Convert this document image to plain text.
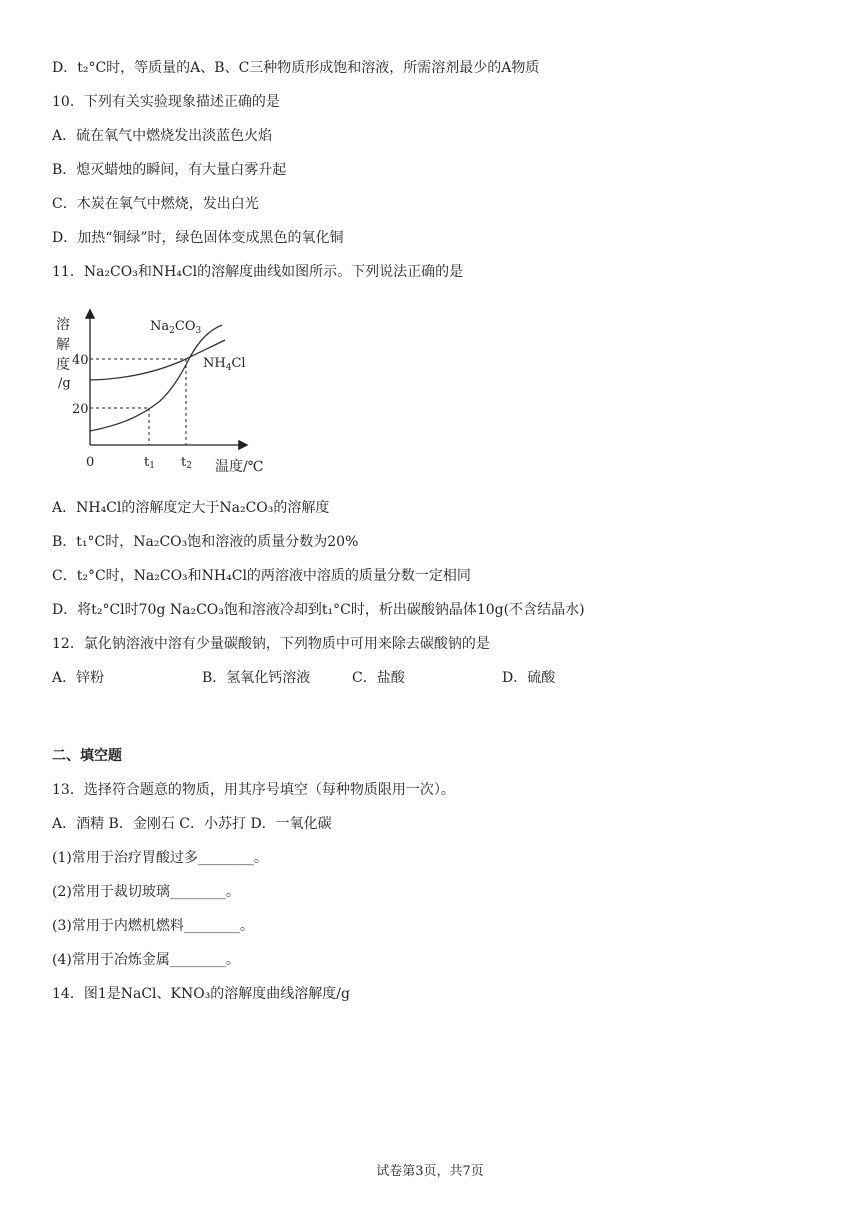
D．t₂°C时，等质量的A、B、C三种物质形成饱和溶液，所需溶剂最少的A物质
10．下列有关实验现象描述正确的是
A．硫在氧气中燃烧发出淡蓝色火焰
B．熄灭蜡烛的瞬间，有大量白雾升起
C．木炭在氧气中燃烧，发出白光
D．加热“铜绿”时，绿色固体变成黑色的氧化铜
11．Na₂CO₃和NH₄Cl的溶解度曲线如图所示。下列说法正确的是
溶
解
度
/g
40
20
0	t1 t2 温度/℃
$Na_2CO_3$
$NH_4Cl$
A．NH₄Cl的溶解度定大于Na₂CO₃的溶解度
B．t₁°C时，Na₂CO₃饱和溶液的质量分数为20%
C．t₂°C时，Na₂CO₃和NH₄Cl的两溶液中溶质的质量分数一定相同
D．将t₂°Cl时70g Na₂CO₃饱和溶液冷却到t₁°C时，析出碳酸钠晶体10g(不含结晶水)
12．氯化钠溶液中溶有少量碳酸钠，下列物质中可用来除去碳酸钠的是
A．锌粉	B．氢氧化钙溶液	C．盐酸	D．硫酸
二、填空题
13．选择符合题意的物质，用其序号填空（每种物质限用一次）。
A．酒精 B．金刚石 C．小苏打 D．一氧化碳
(1)常用于治疗胃酸过多________。
(2)常用于裁切玻璃________。
(3)常用于内燃机燃料________。
(4)常用于冶炼金属________。
14．图1是NaCl、KNO₃的溶解度曲线溶解度/g
试卷第3页，共7页
